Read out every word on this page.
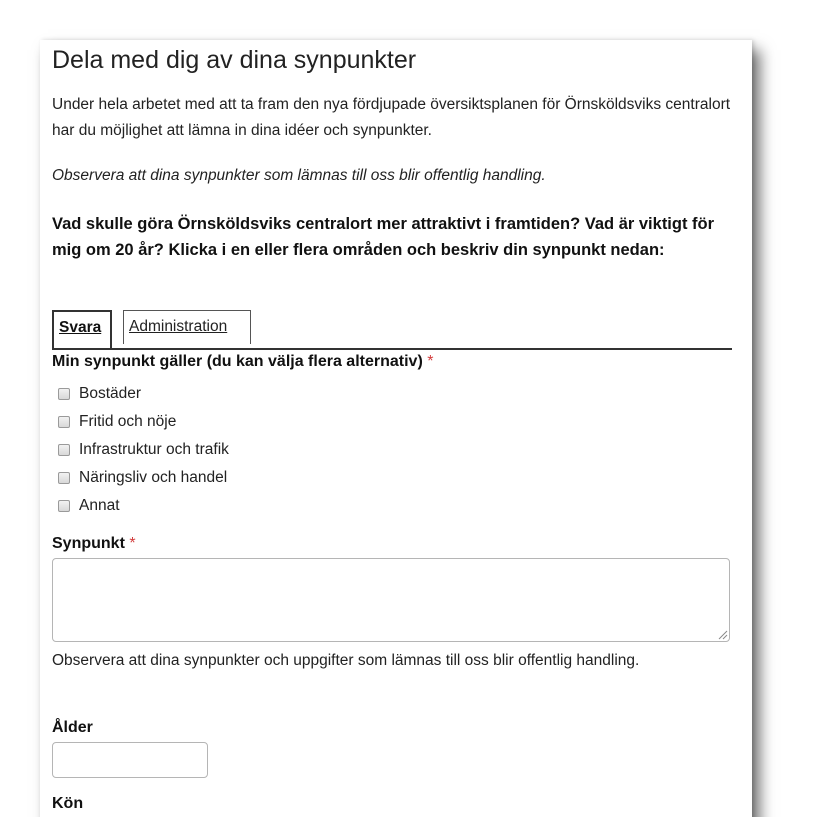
Dela med dig av dina synpunkter
Under hela arbetet med att ta fram den nya fördjupade översiktsplanen för Örnsköldsviks centralort har du möjlighet att lämna in dina idéer och synpunkter.
Observera att dina synpunkter som lämnas till oss blir offentlig handling.
Vad skulle göra Örnsköldsviks centralort mer attraktivt i framtiden? Vad är viktigt för mig om 20 år? Klicka i en eller flera områden och beskriv din synpunkt nedan:
Svara	Administration
Min synpunkt gäller (du kan välja flera alternativ) *
Bostäder
Fritid och nöje
Infrastruktur och trafik
Näringsliv och handel
Annat
Synpunkt *
Observera att dina synpunkter och uppgifter som lämnas till oss blir offentlig handling.
Ålder
Kön
